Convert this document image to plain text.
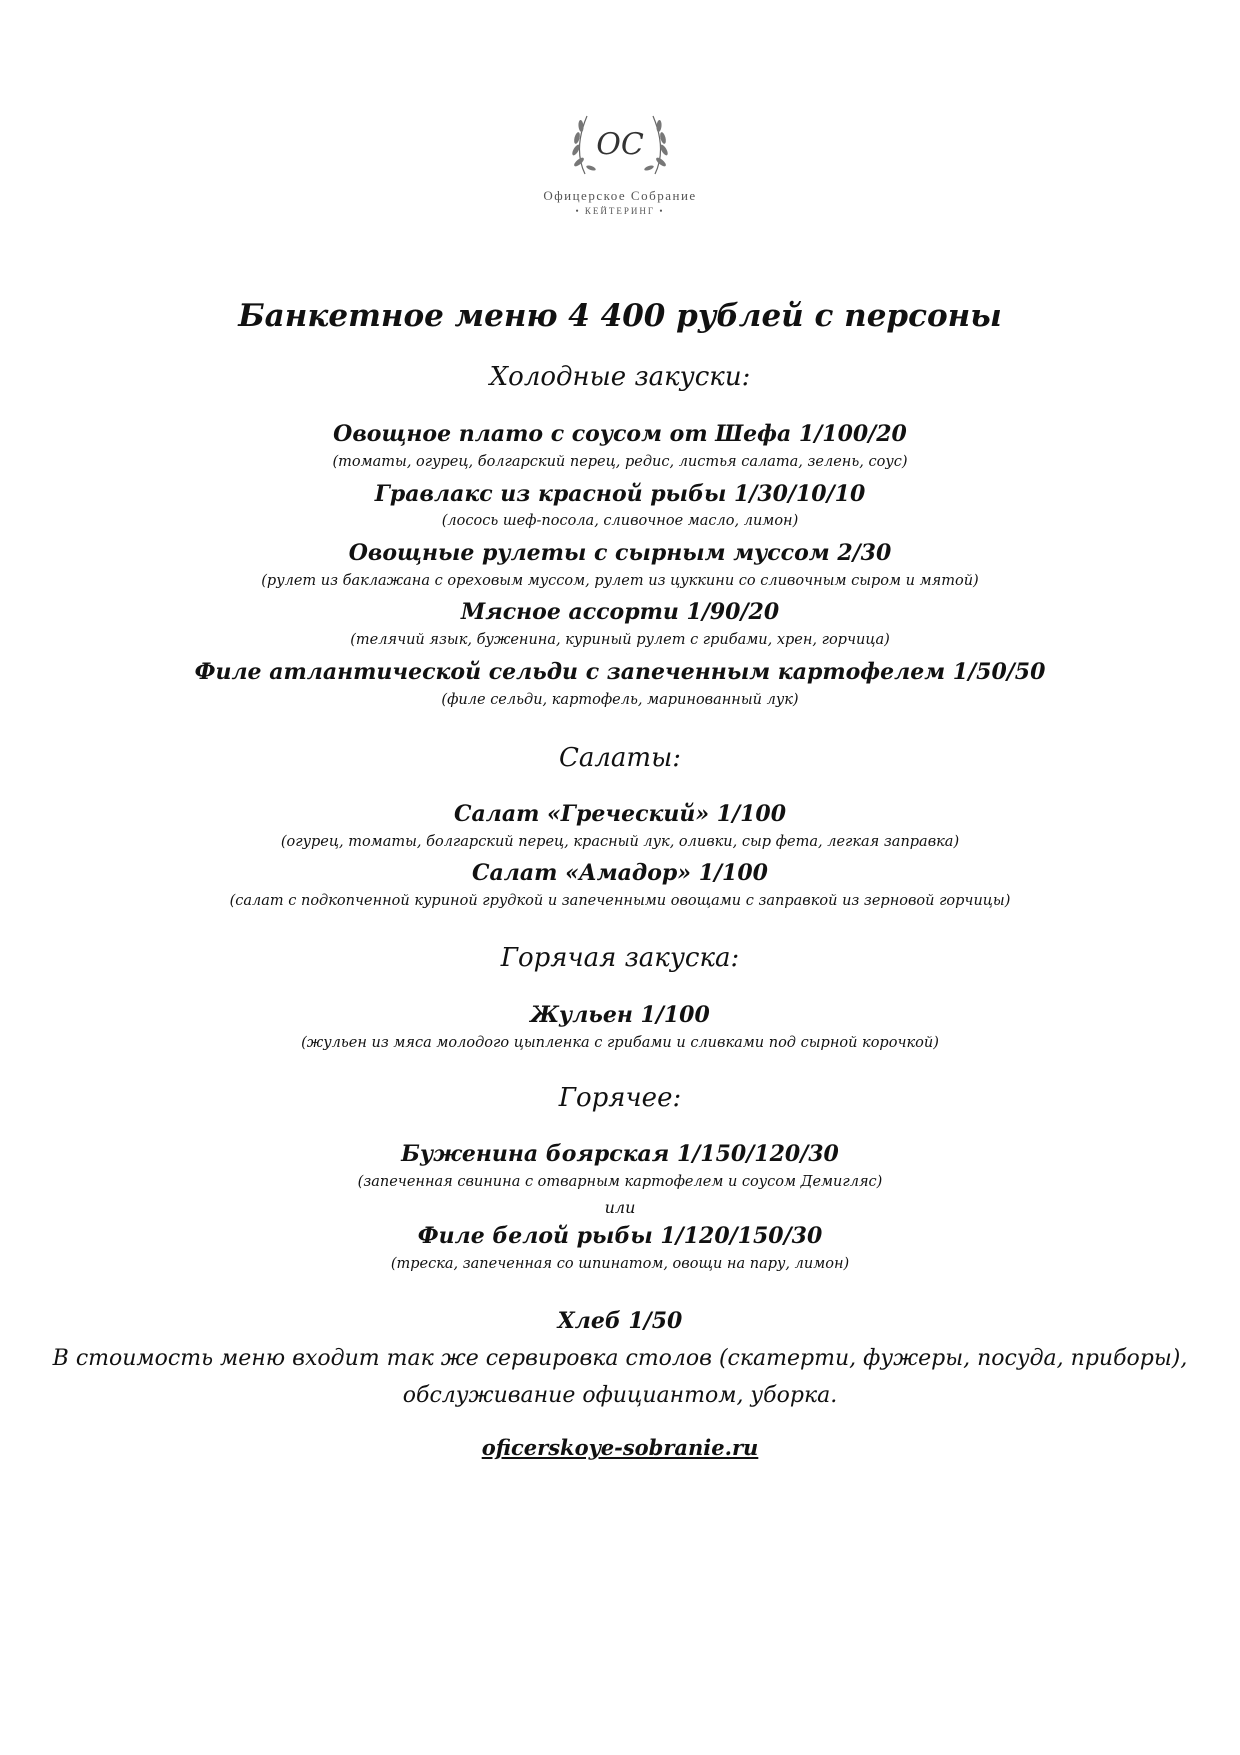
ОС
Офицерское Собрание
• КЕЙТЕРИНГ •
Банкетное меню 4 400 рублей с персоны
Холодные закуски:
Овощное плато с соусом от Шефа 1/100/20
(томаты, огурец, болгарский перец, редис, листья салата, зелень, соус)
Гравлакс из красной рыбы 1/30/10/10
(лосось шеф-посола, сливочное масло, лимон)
Овощные рулеты с сырным муссом 2/30
(рулет из баклажана с ореховым муссом, рулет из цуккини со сливочным сыром и мятой)
Мясное ассорти 1/90/20
(телячий язык, буженина, куриный рулет с грибами, хрен, горчица)
Филе атлантической сельди с запеченным картофелем 1/50/50
(филе сельди, картофель, маринованный лук)
Салаты:
Салат «Греческий» 1/100
(огурец, томаты, болгарский перец, красный лук, оливки, сыр фета, легкая заправка)
Салат «Амадор» 1/100
(салат с подкопченной куриной грудкой и запеченными овощами с заправкой из зерновой горчицы)
Горячая закуска:
Жульен 1/100
(жульен из мяса молодого цыпленка с грибами и сливками под сырной корочкой)
Горячее:
Буженина боярская 1/150/120/30
(запеченная свинина с отварным картофелем и соусом Демигляс)
или
Филе белой рыбы 1/120/150/30
(треска, запеченная со шпинатом, овощи на пару, лимон)
Хлеб 1/50
В стоимость меню входит так же сервировка столов (скатерти, фужеры, посуда, приборы),
обслуживание официантом, уборка.
oficerskoye-sobranie.ru
